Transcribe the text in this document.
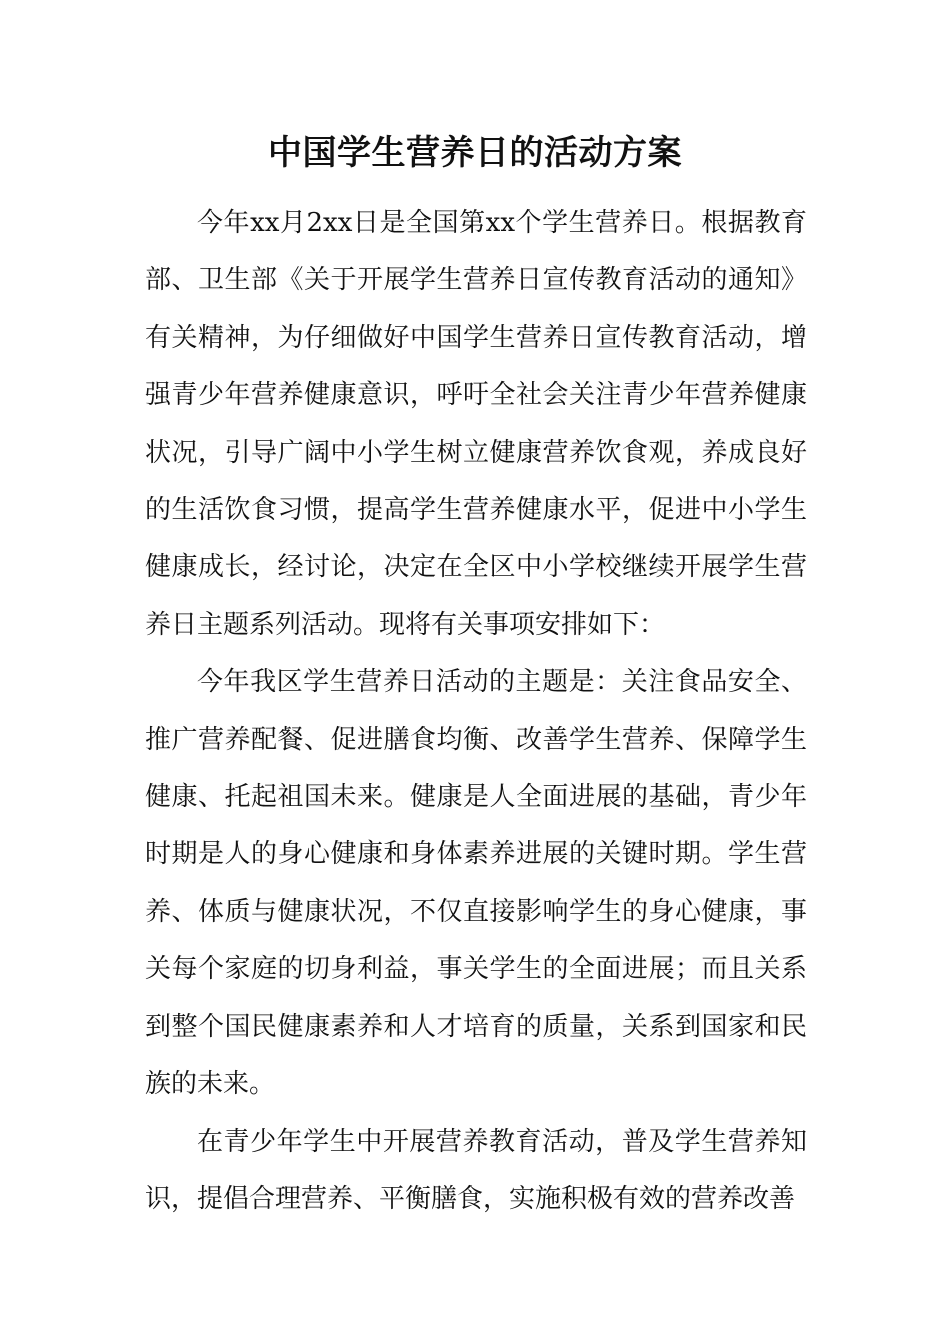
中国学生营养日的活动方案

今年xx月2xx日是全国第xx个学生营养日。根据教育部、卫生部《关于开展学生营养日宣传教育活动的通知》有关精神，为仔细做好中国学生营养日宣传教育活动，增强青少年营养健康意识，呼吁全社会关注青少年营养健康状况，引导广阔中小学生树立健康营养饮食观，养成良好的生活饮食习惯，提高学生营养健康水平，促进中小学生健康成长，经讨论，决定在全区中小学校继续开展学生营养日主题系列活动。现将有关事项安排如下：

今年我区学生营养日活动的主题是：关注食品安全、推广营养配餐、促进膳食均衡、改善学生营养、保障学生健康、托起祖国未来。健康是人全面进展的基础，青少年时期是人的身心健康和身体素养进展的关键时期。学生营养、体质与健康状况，不仅直接影响学生的身心健康，事关每个家庭的切身利益，事关学生的全面进展；而且关系到整个国民健康素养和人才培育的质量，关系到国家和民族的未来。

在青少年学生中开展营养教育活动，普及学生营养知识，提倡合理营养、平衡膳食，实施积极有效的营养改善
